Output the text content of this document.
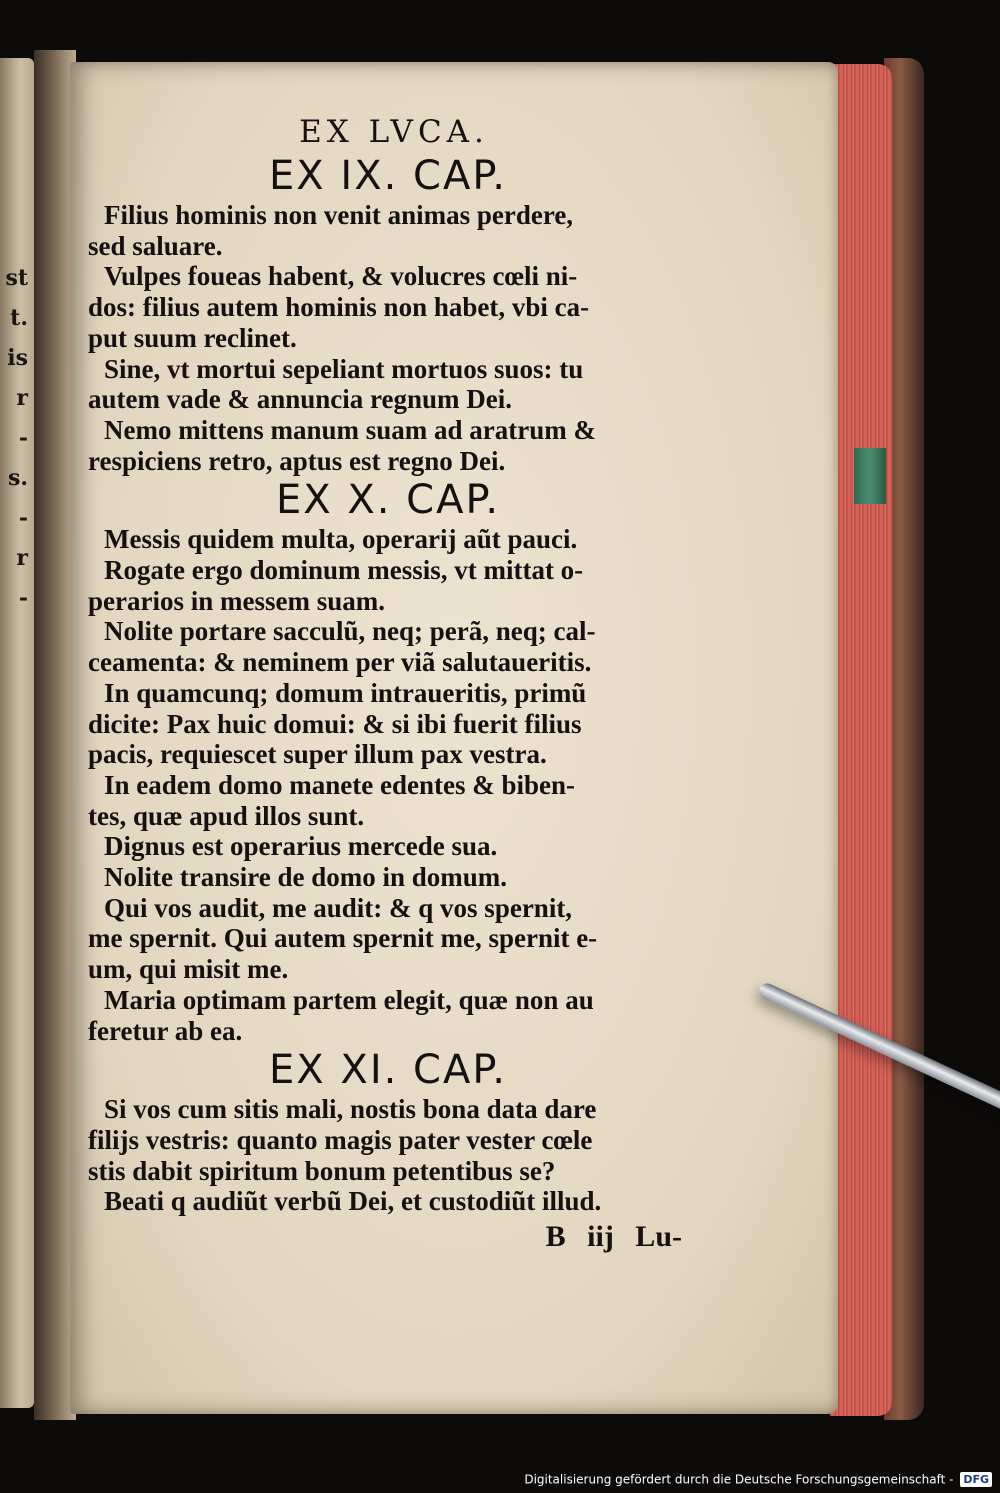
st
t.
is
r
-
s.
-
r
-
EX LVCA.
EX IX. CAP.
Filius hominis non venit animas perdere,
sed saluare.
Vulpes foueas habent, & volucres cœli ni-
dos: filius autem hominis non habet, vbi ca-
put suum reclinet.
Sine, vt mortui sepeliant mortuos suos: tu
autem vade & annuncia regnum Dei.
Nemo mittens manum suam ad aratrum &
respiciens retro, aptus est regno Dei.
EX X. CAP.
Messis quidem multa, operarij aũt pauci.
Rogate ergo dominum messis, vt mittat o-
perarios in messem suam.
Nolite portare sacculũ, neq; perã, neq; cal-
ceamenta: & neminem per viã salutaueritis.
In quamcunq; domum intraueritis, primũ
dicite: Pax huic domui: & si ibi fuerit filius
pacis, requiescet super illum pax vestra.
In eadem domo manete edentes & biben-
tes, quæ apud illos sunt.
Dignus est operarius mercede sua.
Nolite transire de domo in domum.
Qui vos audit, me audit: & q vos spernit,
me spernit. Qui autem spernit me, spernit e-
um, qui misit me.
Maria optimam partem elegit, quæ non au
feretur ab ea.
EX XI. CAP.
Si vos cum sitis mali, nostis bona data dare
filijs vestris: quanto magis pater vester cœle
stis dabit spiritum bonum petentibus se?
Beati q audiũt verbũ Dei, et custodiũt illud.
B iij Lu-
Digitalisierung gefördert durch die Deutsche Forschungsgemeinschaft - DFG
